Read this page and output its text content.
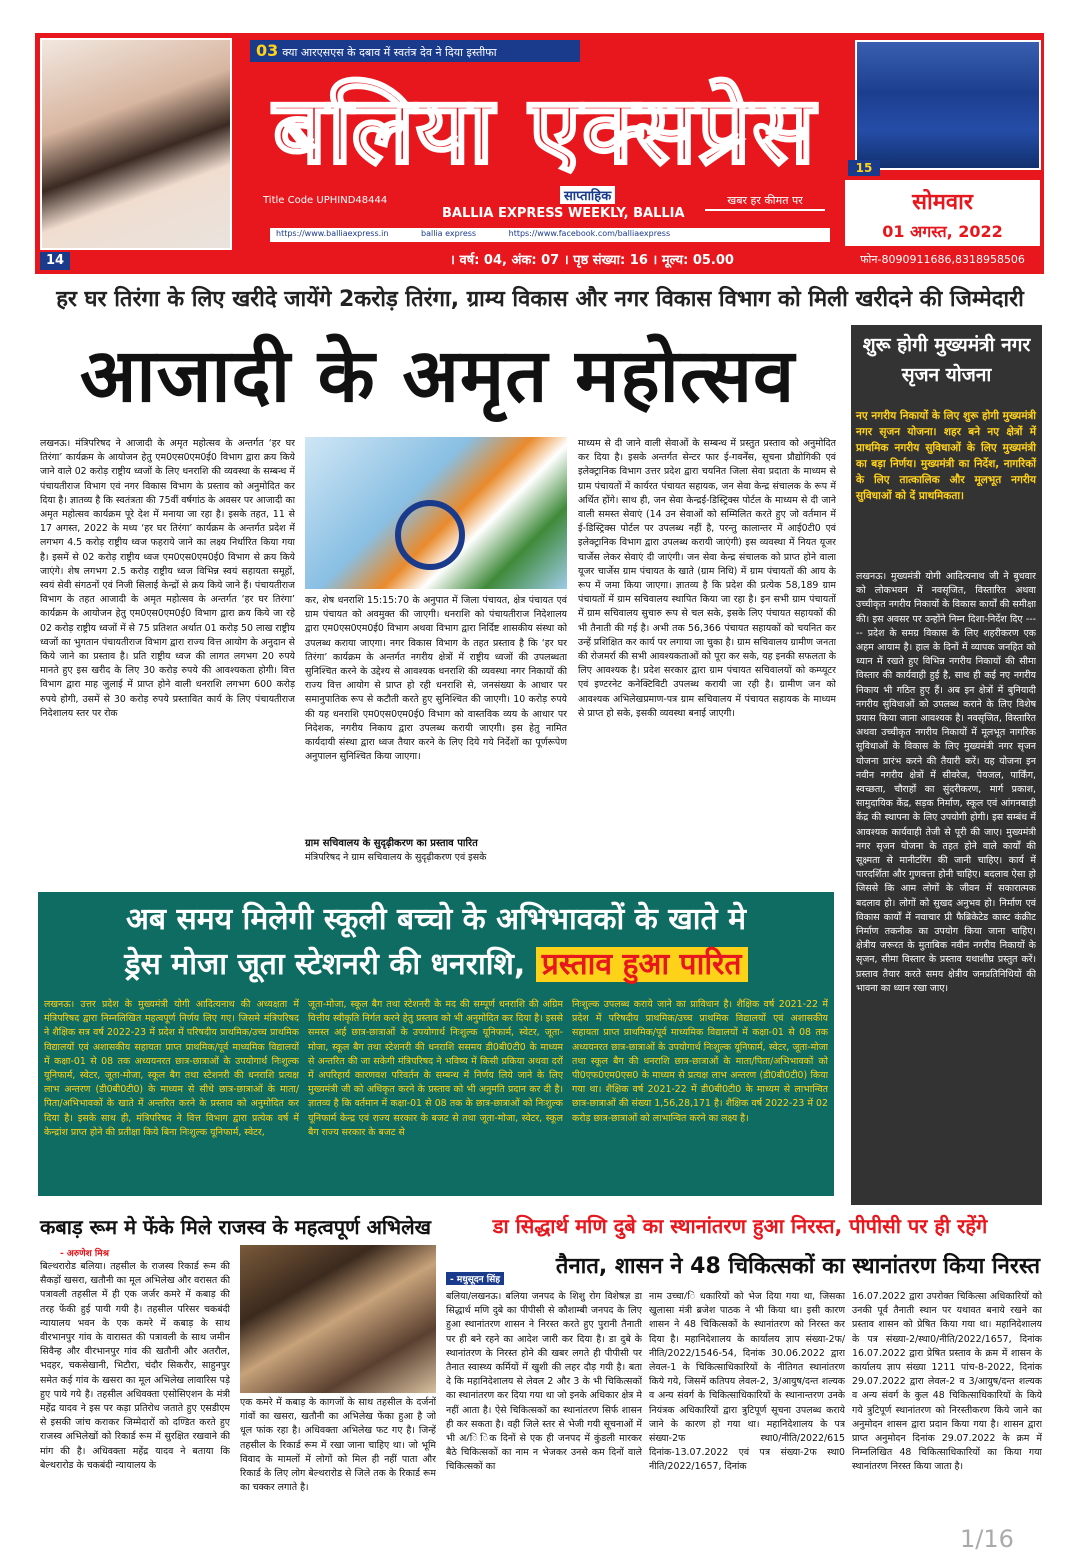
03 क्या आरएसएस के दबाव में स्वतंत्र देव ने दिया इस्तीफा
14
15
बलिया एक्सप्रेस
Title Code UPHIND48444	साप्ताहिक
BALLIA EXPRESS WEEKLY, BALLIA
खबर हर कीमत पर	सोमवार
01 अगस्त, 2022
https://www.balliaexpress.in	ballia express	https://www.facebook.com/balliaexpress
। वर्ष: 04, अंक: 07 । पृष्ठ संख्या: 16 । मूल्य: 05.00	फोन-8090911686,8318958506
हर घर तिरंगा के लिए खरीदे जायेंगे 2करोड़ तिरंगा, ग्राम्य विकास और नगर विकास विभाग को मिली खरीदने की जिम्मेदारी
आजादी के अमृत महोत्सव
लखनऊ। मंत्रिपरिषद ने आजादी के अमृत महोत्सव के अन्तर्गत ‘हर घर तिरंगा’ कार्यक्रम के आयोजन हेतु एम0एस0एम0ई0 विभाग द्वारा क्रय किये जाने वाले 02 करोड़ राष्ट्रीय ध्वजों के लिए धनराशि की व्यवस्था के सम्बन्ध में पंचायतीराज विभाग एवं नगर विकास विभाग के प्रस्ताव को अनुमोदित कर दिया है। ज्ञातव्य है कि स्वतंत्रता की 75वीं वर्षगांठ के अवसर पर आजादी का अमृत महोत्सव कार्यक्रम पूरे देश में मनाया जा रहा है। इसके तहत, 11 से 17 अगस्त, 2022 के मध्य ‘हर घर तिरंगा’ कार्यक्रम के अन्तर्गत प्रदेश में लगभग 4.5 करोड़ राष्ट्रीय ध्वज फहराये जाने का लक्ष्य निर्धारित किया गया है। इसमें से 02 करोड़ राष्ट्रीय ध्वज एम0एस0एम0ई0 विभाग से क्रय किये जाएंगे। शेष लगभग 2.5 करोड़ राष्ट्रीय ध्वज विभिन्न स्वयं सहायता समूहों, स्वयं सेवी संगठनों एवं निजी सिलाई केन्द्रों से क्रय किये जाने हैं। पंचायतीराज विभाग के तहत आजादी के अमृत महोत्सव के अन्तर्गत ‘हर घर तिरंगा’ कार्यक्रम के आयोजन हेतु एम0एस0एम0ई0 विभाग द्वारा क्रय किये जा रहे 02 करोड़ राष्ट्रीय ध्वजों में से 75 प्रतिशत अर्थात 01 करोड़ 50 लाख राष्ट्रीय ध्वजों का भुगतान पंचायतीराज विभाग द्वारा राज्य वित्त आयोग के अनुदान से किये जाने का प्रस्ताव है। प्रति राष्ट्रीय ध्वज की लागत लगभग 20 रुपये मानते हुए इस खरीद के लिए 30 करोड़ रुपये की आवश्यकता होगी। वित्त विभाग द्वारा माह जुलाई में प्राप्त होने वाली धनराशि लगभग 600 करोड़ रुपये होगी, उसमें से 30 करोड़ रुपये प्रस्तावित कार्य के लिए पंचायतीराज निदेशालय स्तर पर रोक
कर, शेष धनराशि 15:15:70 के अनुपात में जिला पंचायत, क्षेत्र पंचायत एवं ग्राम पंचायत को अवमुक्त की जाएगी। धनराशि को पंचायतीराज निदेशालय द्वारा एम0एस0एम0ई0 विभाग अथवा विभाग द्वारा निर्दिष्ट शासकीय संस्था को उपलब्ध कराया जाएगा। नगर विकास विभाग के तहत प्रस्ताव है कि ‘हर घर तिरंगा’ कार्यक्रम के अन्तर्गत नगरीय क्षेत्रों में राष्ट्रीय ध्वजों की उपलब्धता सुनिश्चित करने के उद्देश्य से आवश्यक धनराशि की व्यवस्था नगर निकायों की राज्य वित्त आयोग से प्राप्त हो रही धनराशि से, जनसंख्या के आधार पर समानुपातिक रूप से कटौती करते हुए सुनिश्चित की जाएगी। 10 करोड़ रुपये की यह धनराशि एम0एस0एम0ई0 विभाग को वास्तविक व्यय के आधार पर निदेशक, नगरीय निकाय द्वारा उपलब्ध करायी जाएगी। इस हेतु नामित कार्यदायी संस्था द्वारा ध्वज तैयार करने के लिए दिये गये निर्देशों का पूर्णरूपेण अनुपालन सुनिश्चित किया जाएगा।
ग्राम सचिवालय के सुदृढ़ीकरण का प्रस्ताव पारित
मंत्रिपरिषद ने ग्राम सचिवालय के सुदृढ़ीकरण एवं इसके
माध्यम से दी जाने वाली सेवाओं के सम्बन्ध में प्रस्तुत प्रस्ताव को अनुमोदित कर दिया है। इसके अन्तर्गत सेन्टर फार ई-गवर्नेंस, सूचना प्रौद्योगिकी एवं इलेक्ट्रानिक विभाग उत्तर प्रदेश द्वारा चयनित जिला सेवा प्रदाता के माध्यम से ग्राम पंचायतों में कार्यरत पंचायत सहायक, जन सेवा केन्द्र संचालक के रूप में अर्थित होंगे। साथ ही, जन सेवा केन्द्रई-डिस्ट्रिक्स पोर्टल के माध्यम से दी जाने वाली समस्त सेवाएं (14 उन सेवाओं को सम्मिलित करते हुए जो वर्तमान में ई-डिस्ट्रिक्स पोर्टल पर उपलब्ध नहीं है, परन्तु कालान्तर में आई0टी0 एवं इलेक्ट्रानिक विभाग द्वारा उपलब्ध करायी जाएंगी) इस व्यवस्था में नियत यूजर चार्जेस लेकर सेवाएं दी जाएंगी। जन सेवा केन्द्र संचालक को प्राप्त होने वाला यूजर चार्जेस ग्राम पंचायत के खाते (ग्राम निधि) में ग्राम पंचायतों की आय के रूप में जमा किया जाएगा। ज्ञातव्य है कि प्रदेश की प्रत्येक 58,189 ग्राम पंचायतों में ग्राम सचिवालय स्थापित किया जा रहा है। इन सभी ग्राम पंचायतों में ग्राम सचिवालय सुचारु रूप से चल सके, इसके लिए पंचायत सहायकों की भी तैनाती की गई है। अभी तक 56,366 पंचायत सहायकों को चयनित कर उन्हें प्रशिक्षित कर कार्य पर लगाया जा चुका है। ग्राम सचिवालय ग्रामीण जनता की रोजमर्रा की सभी आवश्यकताओं को पूरा कर सके, यह इनकी सफलता के लिए आवश्यक है। प्रदेश सरकार द्वारा ग्राम पंचायत सचिवालयों को कम्प्यूटर एवं इण्टरनेट कनेक्टिविटी उपलब्ध करायी जा रही है। ग्रामीण जन को आवश्यक अभिलेखप्रमाण-पत्र ग्राम सचिवालय में पंचायत सहायक के माध्यम से प्राप्त हो सके, इसकी व्यवस्था बनाई जाएगी।
शुरू होगी मुख्यमंत्री नगर सृजन योजना
नए नगरीय निकायों के लिए शुरू होगी मुख्यमंत्री नगर सृजन योजना। शहर बने नए क्षेत्रों में प्राथमिक नगरीय सुविधाओं के लिए मुख्यमंत्री का बड़ा निर्णय। मुख्यमंत्री का निर्देश, नागरिकों के लिए तात्कालिक और मूलभूत नगरीय सुविधाओं को दें प्राथमिकता।
लखनऊ। मुख्यमंत्री योगी आदित्यनाथ जी ने बुधवार को लोकभवन में नवसृजित, विस्तारित अथवा उच्चीकृत नगरीय निकायों के विकास कार्यों की समीक्षा की। इस अवसर पर उन्होंने निम्न दिशा-निर्देश दिए ----- प्रदेश के समग्र विकास के लिए शहरीकरण एक अहम आयाम है। हाल के दिनों में व्यापक जनहित को ध्यान में रखते हुए विभिन्न नगरीय निकायों की सीमा विस्तार की कार्यवाही हुई है, साथ ही कई नए नगरीय निकाय भी गठित हुए हैं। अब इन क्षेत्रों में बुनियादी नगरीय सुविधाओं को उपलब्ध कराने के लिए विशेष प्रयास किया जाना आवश्यक है। नवसृजित, विस्तारित अथवा उच्चीकृत नगरीय निकायों में मूलभूत नागरिक सुविधाओं के विकास के लिए मुख्यमंत्री नगर सृजन योजना प्रारंभ करने की तैयारी करें। यह योजना इन नवीन नगरीय क्षेत्रों में सीवरेज, पेयजल, पार्किंग, स्वच्छता, चौराहों का सुंदरीकरण, मार्ग प्रकाश, सामुदायिक केंद्र, सड़क निर्माण, स्कूल एवं आंगनबाड़ी केंद्र की स्थापना के लिए उपयोगी होगी। इस सम्बंध में आवश्यक कार्यवाही तेजी से पूरी की जाए। मुख्यमंत्री नगर सृजन योजना के तहत होने वाले कार्यों की सूक्ष्मता से मानीटरिंग की जानी चाहिए। कार्य में पारदर्शिता और गुणवत्ता होनी चाहिए। बदलाव ऐसा हो जिससे कि आम लोगों के जीवन में सकारात्मक बदलाव हो। लोगों को सुखद अनुभव हो। निर्माण एवं विकास कार्यों में नवाचार प्री फैब्रिकेटेड कास्ट कंक्रीट निर्माण तकनीक का उपयोग किया जाना चाहिए। क्षेत्रीय जरूरत के मुताबिक नवीन नगरीय निकायों के सृजन, सीमा विस्तार के प्रस्ताव यथाशीघ्र प्रस्तुत करें। प्रस्ताव तैयार करते समय क्षेत्रीय जनप्रतिनिधियों की भावना का ध्यान रखा जाए।
अब समय मिलेगी स्कूली बच्चो के अभिभावकों के खाते मे
ड्रेस मोजा जूता स्टेशनरी की धनराशि, प्रस्ताव हुआ पारित
लखनऊ। उत्तर प्रदेश के मुख्यमंत्री योगी आदित्यनाथ की अध्यक्षता में मंत्रिपरिषद द्वारा निम्नलिखित महत्वपूर्ण निर्णय लिए गए। जिसमे मंत्रिपरिषद ने शैक्षिक सत्र वर्ष 2022-23 में प्रदेश में परिषदीय प्राथमिक/उच्च प्राथमिक विद्यालयों एवं अशासकीय सहायता प्राप्त प्राथमिक/पूर्व माध्यमिक विद्यालयों में कक्षा-01 से 08 तक अध्ययनरत छात्र-छात्राओं के उपयोगार्थ निःशुल्क यूनिफार्म, स्वेटर, जूता-मोजा, स्कूल बैग तथा स्टेशनरी की धनराशि प्रत्यक्ष लाभ अन्तरण (डी0बी0टी0) के माध्यम से सीधे छात्र-छात्राओं के माता/पिता/अभिभावकों के खाते में अन्तरित करने के प्रस्ताव को अनुमोदित कर दिया है। इसके साथ ही, मंत्रिपरिषद ने वित्त विभाग द्वारा प्रत्येक वर्ष में केन्द्रांश प्राप्त होने की प्रतीक्षा किये बिना निःशुल्क यूनिफार्म, स्वेटर,
जूता-मोजा, स्कूल बैग तथा स्टेशनरी के मद की सम्पूर्ण धनराशि की अग्रिम वित्तीय स्वीकृति निर्गत करने हेतु प्रस्ताव को भी अनुमोदित कर दिया है। इससे समस्त अर्ह छात्र-छात्राओं के उपयोगार्थ निःशुल्क यूनिफार्म, स्वेटर, जूता-मोजा, स्कूल बैग तथा स्टेशनरी की धनराशि ससमय डी0बी0टी0 के माध्यम से अन्तरित की जा सकेगी मंत्रिपरिषद ने भविष्य में किसी प्रकिया अथवा दरों में अपरिहार्य कारणवश परिवर्तन के सम्बन्ध में निर्णय लिये जाने के लिए मुख्यमंत्री जी को अधिकृत करने के प्रस्ताव को भी अनुमति प्रदान कर दी है। ज्ञातव्य है कि वर्तमान में कक्षा-01 से 08 तक के छात्र-छात्राओं को निःशुल्क यूनिफार्म केन्द्र एवं राज्य सरकार के बजट से तथा जूता-मोजा, स्वेटर, स्कूल बैग राज्य सरकार के बजट से
निःशुल्क उपलब्ध कराये जाने का प्राविधान है। शैक्षिक वर्ष 2021-22 में प्रदेश में परिषदीय प्राथमिक/उच्च प्राथमिक विद्यालयों एवं अशासकीय सहायता प्राप्त प्राथमिक/पूर्व माध्यमिक विद्यालयों में कक्षा-01 से 08 तक अध्ययनरत छात्र-छात्राओं के उपयोगार्थ निःशुल्क यूनिफार्म, स्वेटर, जूता-मोजा तथा स्कूल बैग की धनराशि छात्र-छात्राओं के माता/पिता/अभिभावकों को पी0एफ0एम0एस0 के माध्यम से प्रत्यक्ष लाभ अन्तरण (डी0बी0टी0) किया गया था। शैक्षिक वर्ष 2021-22 में डी0बी0टी0 के माध्यम से लाभान्वित छात्र-छात्राओं की संख्या 1,56,28,171 है। शैक्षिक वर्ष 2022-23 में 02 करोड़ छात्र-छात्राओं को लाभान्वित करने का लक्ष्य है।
कबाड़ रूम मे फेंके मिले राजस्व के महत्वपूर्ण अभिलेख
- अरुणेश मिश्र
बिल्थरारोड बलिया। तहसील के राजस्व रिकार्ड रूम की सैकड़ों खसरा, खतौनी का मूल अभिलेख और वरासत की पत्रावली तहसील में ही एक जर्जर कमरे में कबाड़ की तरह फेंकी हुई पायी गयी है। तहसील परिसर चकबंदी न्यायालय भवन के एक कमरे में कबाड़ के साथ वीरभानपुर गांव के वारासत की पत्रावली के साथ जमीन सिवैन्ह और वीरभानपुर गांव की खतौनी और अतरौल, भदहर, चकसेखानी, भिटौरा, चंदौर सिकरौर, साहुनपुर समेत कई गांव के खसरा का मूल अभिलेख लावारिस पड़े हुए पाये गये है। तहसील अधिवक्ता एसोसिएशन के मंत्री महेंद्र यादव ने इस पर कड़ा प्रतिरोध जताते हुए एसडीएम से इसकी जांच कराकर जिम्मेदारों को दण्डित करते हुए राजस्व अभिलेखों को रिकार्ड रूम में सुरक्षित रखवाने की मांग की है। अधिवक्ता महेंद्र यादव ने बताया कि बेल्थरारोड के चकबंदी न्यायालय के
एक कमरे में कबाड़ के कागजों के साथ तहसील के दर्जनों गांवों का खसरा, खतौनी का अभिलेख फेंका हुआ है जो धूल फांक रहा है। अधिवक्ता अभिलेख फट गए है। जिन्हें तहसील के रिकार्ड रूम में रखा जाना चाहिए था। जो भूमि विवाद के मामलों में लोगों को मिल ही नहीं पाता और रिकार्ड के लिए लोग बेल्थरारोड से जिले तक के रिकार्ड रूम का चक्कर लगाते है।
डा सिद्धार्थ मणि दुबे का स्थानांतरण हुआ निरस्त, पीपीसी पर ही रहेंगे
तैनात, शासन ने 48 चिकित्सकों का स्थानांतरण किया निरस्त
- मधुसूदन सिंह
बलिया/लखनऊ। बलिया जनपद के शिशु रोग विशेषज्ञ डा सिद्धार्थ मणि दुबे का पीपीसी से कौशाम्बी जनपद के लिए हुआ स्थानांतरण शासन ने निरस्त करते हुए पुरानी तैनाती पर ही बने रहने का आदेश जारी कर दिया है। डा दुबे के स्थानांतरण के निरस्त होने की खबर लगते ही पीपीसी पर तैनात स्वास्थ्य कर्मियों में खुशी की लहर दौड़ गयी है। बता दे कि महानिदेशालय से लेवल 2 और 3 के भी चिकित्सकों का स्थानांतरण कर दिया गया था जो इनके अधिकार क्षेत्र मे नहीं आता है। ऐसे चिकित्सकों का स्थानांतरण सिर्फ शासन ही कर सकता है। वही जिले स्तर से भेजी गयी सूचनाओं में भी अ/ि िक दिनों से एक ही जनपद में कुंडली मारकर बैठे चिकित्सकों का नाम न भेजकर उनसे कम दिनों वाले चिकित्सकों का
नाम उच्चा/ि धकारियों को भेज दिया गया था, जिसका खुलासा मंत्री ब्रजेश पाठक ने भी किया था। इसी कारण शासन ने 48 चिकित्सकों के स्थानांतरण को निरस्त कर दिया है। महानिदेशालय के कार्यालय ज्ञाप संख्या-2फ/नीति/2022/1546-54, दिनांक 30.06.2022 द्वारा लेवल-1 के चिकित्साधिकारियों के नीतिगत स्थानांतरण किये गये, जिसमें कतिपय लेवल-2, 3/आयुष/दन्त शल्यक व अन्य संवर्ग के चिकित्साधिकारियों के स्थानान्तरण उनके नियंत्रक अधिकारियों द्वारा त्रुटिपूर्ण सूचना उपलब्ध कराये जाने के कारण हो गया था। महानिदेशालय के पत्र संख्या-2फ स्था0/नीति/2022/615 दिनांक-13.07.2022 एवं पत्र संख्या-2फ स्था0 नीति/2022/1657, दिनांक
16.07.2022 द्वारा उपरोक्त चिकित्सा अधिकारियों को उनकी पूर्व तैनाती स्थान पर यथावत बनाये रखने का प्रस्ताव शासन को प्रेषित किया गया था। महानिदेशालय के पत्र संख्या-2/स्था0/नीति/2022/1657, दिनांक 16.07.2022 द्वारा प्रेषित प्रस्ताव के क्रम में शासन के कार्यालय ज्ञाप संख्या 1211 पांच-8-2022, दिनांक 29.07.2022 द्वारा लेवल-2 व 3/आयुष/दन्त शल्यक व अन्य संवर्ग के कुल 48 चिकित्साधिकारियों के किये गये त्रुटिपूर्ण स्थानांतरण को निरस्तीकरण किये जाने का अनुमोदन शासन द्वारा प्रदान किया गया है। शासन द्वारा प्राप्त अनुमोदन दिनांक 29.07.2022 के क्रम में निम्नलिखित 48 चिकित्साधिकारियों का किया गया स्थानांतरण निरस्त किया जाता है।
1/16
